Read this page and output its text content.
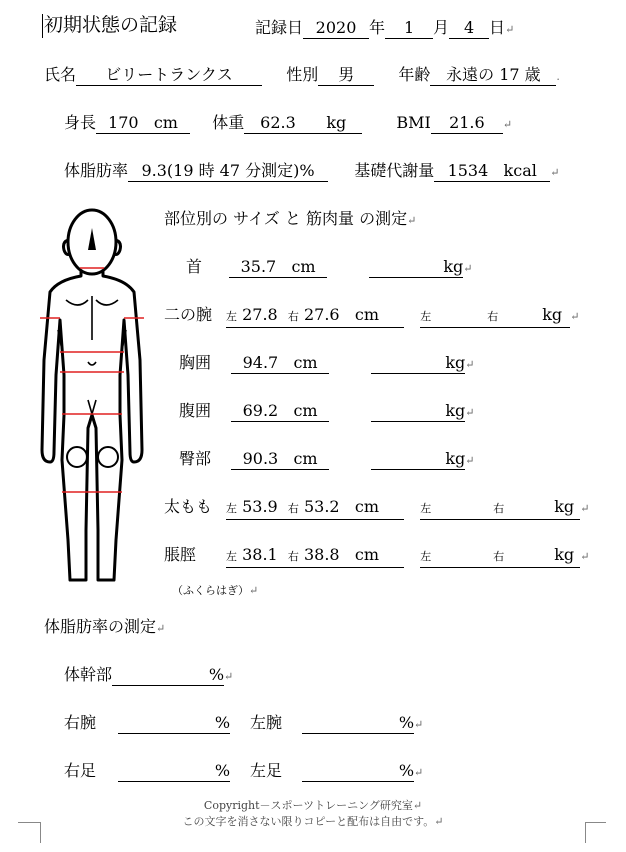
初期状態の記録	記録日 2020 年 1 月 4 日↵
氏名 ビリートランクス	性別 男	年齢 永遠の 17 歳 .
身長 170 cm 体重 62.3 kg	BMI 21.6 ↵
体脂肪率 9.3(19 時 47 分測定)% 基礎代謝量 1534 kcal ↵
部位別の サイズ と 筋肉量 の測定↵
首 35.7 cm	kg↵
二の腕 左 27.8 右 27.6 cm	左	右	kg ↵
胸囲 94.7 cm	kg↵
腹囲 69.2 cm	kg↵
臀部 90.3 cm	kg↵
太もも 左 53.9 右 53.2 cm	左	右	kg ↵
脹脛	左 38.1 右 38.8 cm	左	右	kg ↵
（ふくらはぎ）↵
体脂肪率の測定↵
体幹部	%↵
右腕	% 左腕	%↵
右足	% 左足	%↵
Copyright－スポーツトレーニング研究室↵
この文字を消さない限りコピーと配布は自由です。↵
